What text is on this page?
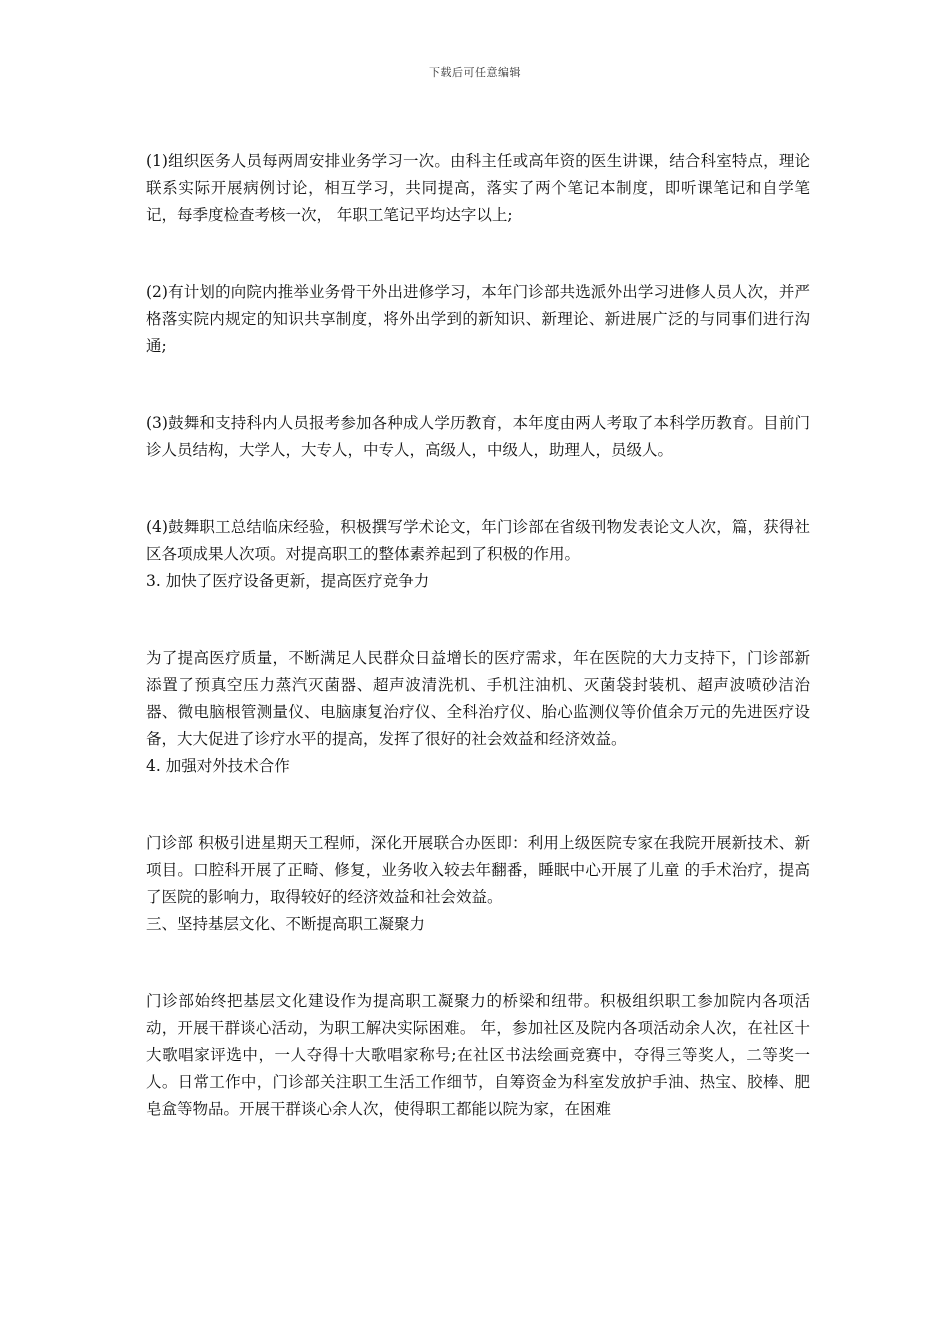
下载后可任意编辑

(1)组织医务人员每两周安排业务学习一次。由科主任或高年资的医生讲课，结合科室特点，理论联系实际开展病例讨论，相互学习，共同提高，落实了两个笔记本制度，即听课笔记和自学笔记，每季度检查考核一次， 年职工笔记平均达字以上;

(2)有计划的向院内推举业务骨干外出进修学习，本年门诊部共选派外出学习进修人员人次，并严格落实院内规定的知识共享制度，将外出学到的新知识、新理论、新进展广泛的与同事们进行沟通;

(3)鼓舞和支持科内人员报考参加各种成人学历教育，本年度由两人考取了本科学历教育。目前门诊人员结构，大学人，大专人，中专人，高级人，中级人，助理人，员级人。

(4)鼓舞职工总结临床经验，积极撰写学术论文，年门诊部在省级刊物发表论文人次，篇，获得社区各项成果人次项。对提高职工的整体素养起到了积极的作用。

3. 加快了医疗设备更新，提高医疗竞争力

为了提高医疗质量，不断满足人民群众日益增长的医疗需求，年在医院的大力支持下，门诊部新添置了预真空压力蒸汽灭菌器、超声波清洗机、手机注油机、灭菌袋封装机、超声波喷砂洁治器、微电脑根管测量仪、电脑康复治疗仪、全科治疗仪、胎心监测仪等价值余万元的先进医疗设备，大大促进了诊疗水平的提高，发挥了很好的社会效益和经济效益。

4. 加强对外技术合作

门诊部 积极引进星期天工程师，深化开展联合办医即：利用上级医院专家在我院开展新技术、新项目。口腔科开展了正畸、修复，业务收入较去年翻番，睡眠中心开展了儿童 的手术治疗，提高了医院的影响力，取得较好的经济效益和社会效益。

三、坚持基层文化、不断提高职工凝聚力

门诊部始终把基层文化建设作为提高职工凝聚力的桥梁和纽带。积极组织职工参加院内各项活动，开展干群谈心活动，为职工解决实际困难。 年，参加社区及院内各项活动余人次，在社区十大歌唱家评选中，一人夺得十大歌唱家称号;在社区书法绘画竞赛中，夺得三等奖人，二等奖一人。日常工作中，门诊部关注职工生活工作细节，自筹资金为科室发放护手油、热宝、胶棒、肥皂盒等物品。开展干群谈心余人次，使得职工都能以院为家，在困难
